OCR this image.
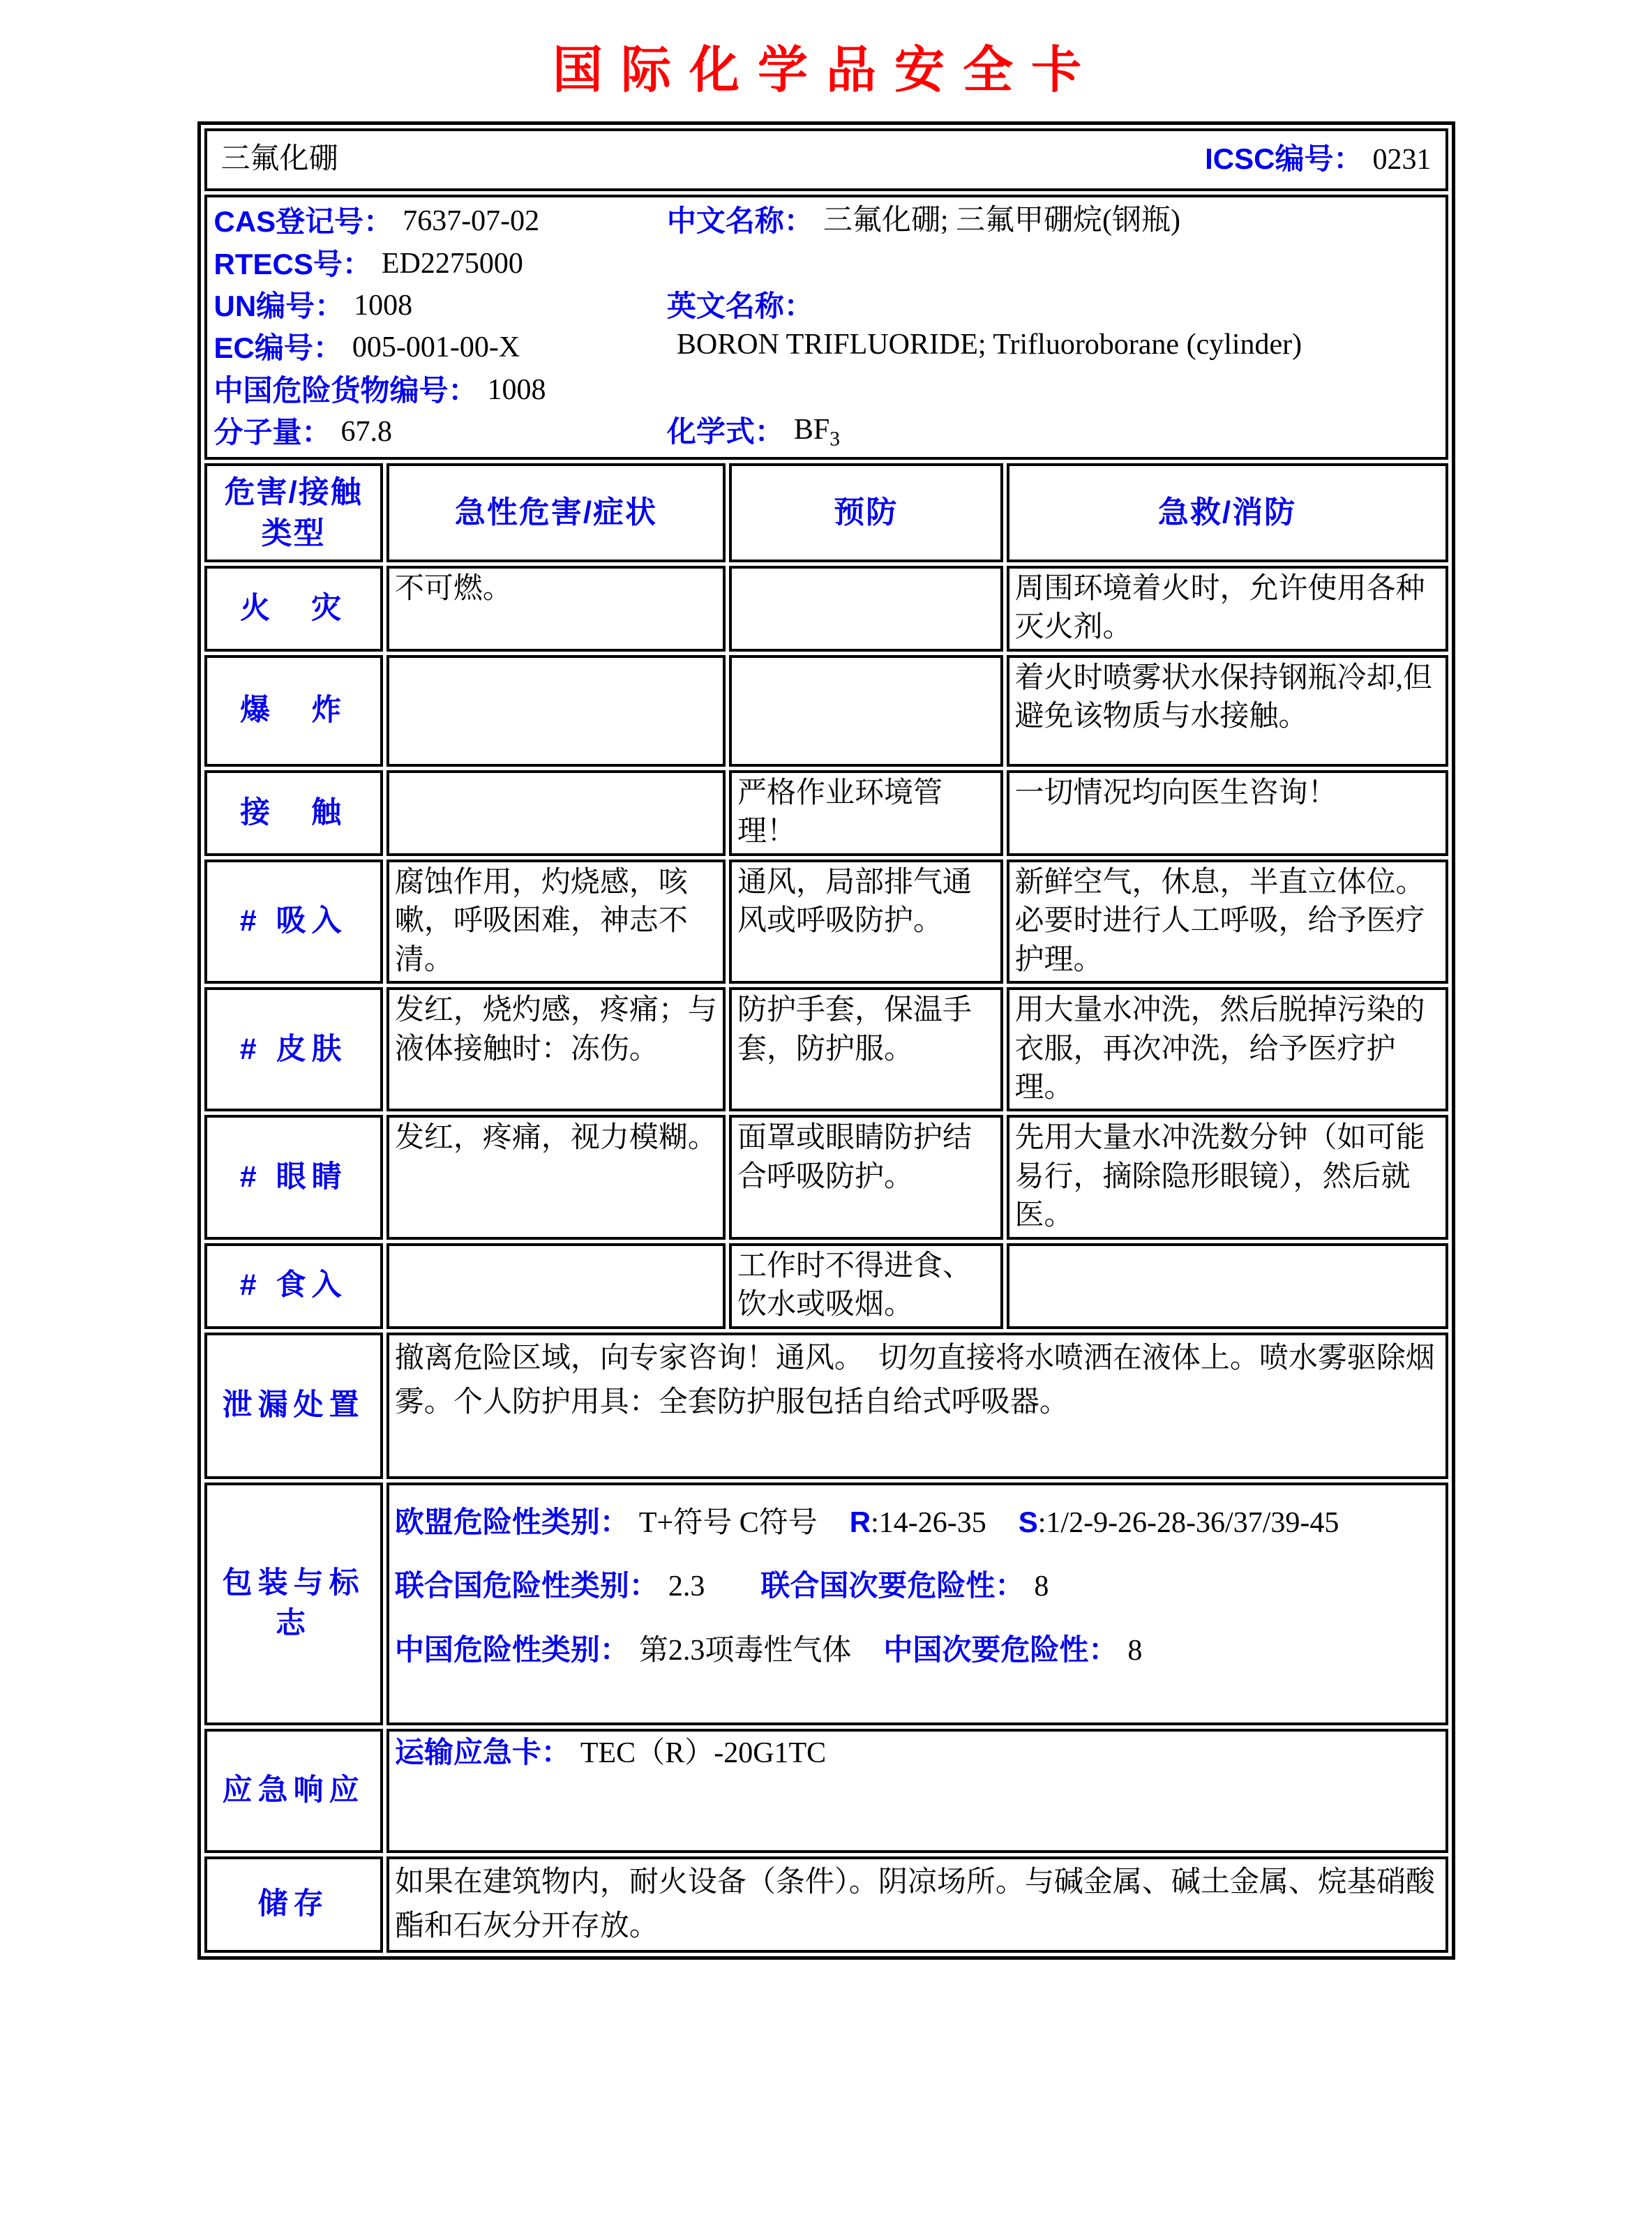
国际化学品安全卡
三氟化硼 ICSC编号： 0231			

CAS登记号： 7637-07-02
RTECS号： ED2275000
UN编号： 1008
EC编号： 005-001-00-X
中国危险货物编号： 1008
分子量： 67.8
中文名称： 三氟化硼; 三氟甲硼烷(钢瓶)
英文名称：
BORON TRIFLUORIDE; Trifluoroborane (cylinder)
化学式： $BF_3$

危害/接触类型	急性危害/症状	预防	急救/消防
火　灾	不可燃。		周围环境着火时，允许使用各种灭火剂。
爆　炸			着火时喷雾状水保持钢瓶冷却,但避免该物质与水接触。
接　触		严格作业环境管理！	一切情况均向医生咨询！
# 吸入	腐蚀作用，灼烧感，咳嗽，呼吸困难，神志不清。	通风，局部排气通风或呼吸防护。	新鲜空气，休息，半直立体位。必要时进行人工呼吸，给予医疗护理。
# 皮肤	发红，烧灼感，疼痛；与液体接触时：冻伤。	防护手套，保温手套，防护服。	用大量水冲洗，然后脱掉污染的衣服，再次冲洗，给予医疗护理。
# 眼睛	发红，疼痛，视力模糊。	面罩或眼睛防护结合呼吸防护。	先用大量水冲洗数分钟（如可能易行，摘除隐形眼镜），然后就医。
# 食入		工作时不得进食、饮水或吸烟。	
泄漏处置	撤离危险区域，向专家咨询！通风。　切勿直接将水喷洒在液体上。喷水雾驱除烟雾。个人防护用具：全套防护服包括自给式呼吸器。		
包装与标志	欧盟危险性类别： T+符号 C符号 R:14-26-35 S:1/2-9-26-28-36/37/39-45

联合国危险性类别： 2.3 联合国次要危险性： 8

中国危险性类别： 第2.3项毒性气体 中国次要危险性： 8		

应急响应	运输应急卡： TEC（R）-20G1TC		
储存	如果在建筑物内，耐火设备（条件）。阴凉场所。与碱金属、碱土金属、烷基硝酸酯和石灰分开存放。		
